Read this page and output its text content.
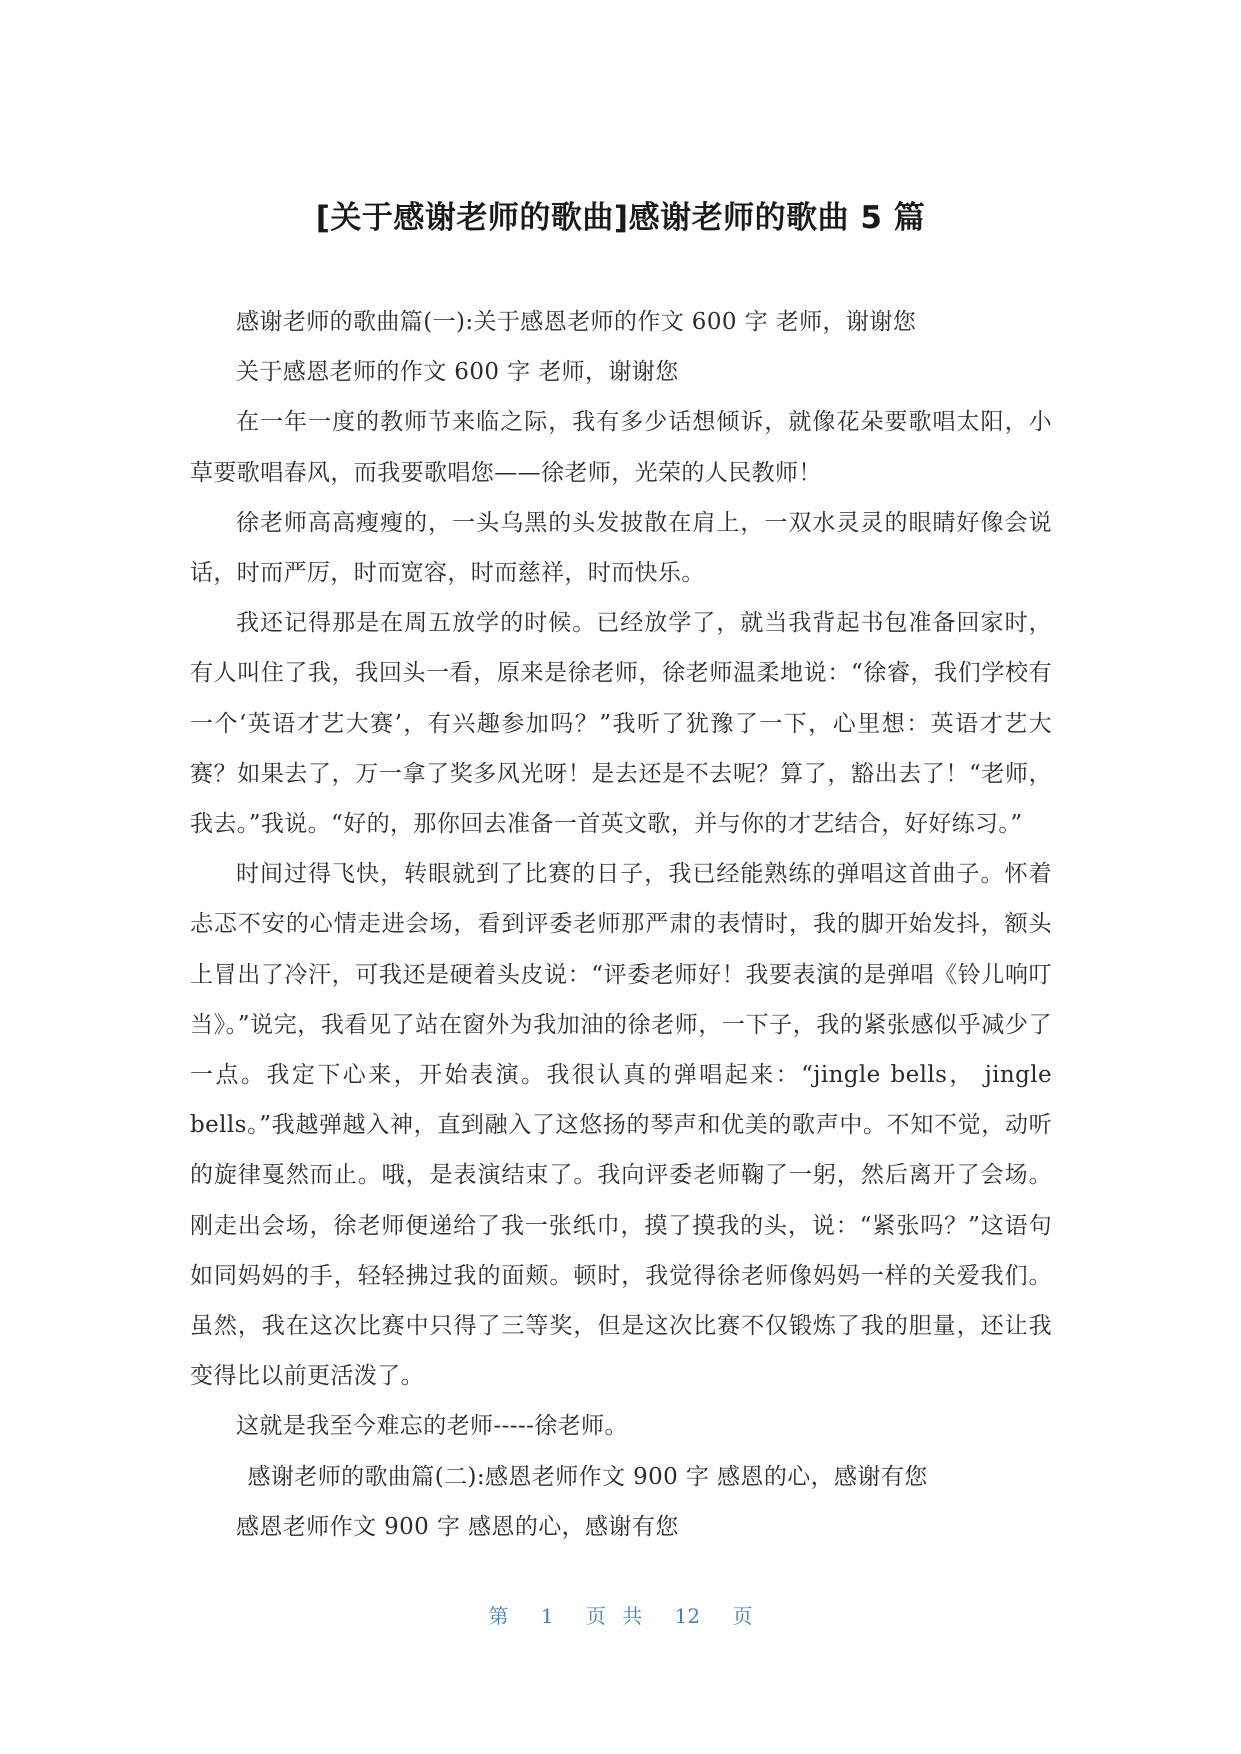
[关于感谢老师的歌曲]感谢老师的歌曲 5 篇

感谢老师的歌曲篇(一):关于感恩老师的作文 600 字 老师，谢谢您

关于感恩老师的作文 600 字 老师，谢谢您

在一年一度的教师节来临之际，我有多少话想倾诉，就像花朵要歌唱太阳，小草要歌唱春风，而我要歌唱您——徐老师，光荣的人民教师！

徐老师高高瘦瘦的，一头乌黑的头发披散在肩上，一双水灵灵的眼睛好像会说话，时而严厉，时而宽容，时而慈祥，时而快乐。

我还记得那是在周五放学的时候。已经放学了，就当我背起书包准备回家时，有人叫住了我，我回头一看，原来是徐老师，徐老师温柔地说：“徐睿，我们学校有一个‘英语才艺大赛’，有兴趣参加吗？”我听了犹豫了一下，心里想：英语才艺大赛？如果去了，万一拿了奖多风光呀！是去还是不去呢？算了，豁出去了！“老师，我去。”我说。“好的，那你回去准备一首英文歌，并与你的才艺结合，好好练习。”

时间过得飞快，转眼就到了比赛的日子，我已经能熟练的弹唱这首曲子。怀着忐忑不安的心情走进会场，看到评委老师那严肃的表情时，我的脚开始发抖，额头上冒出了冷汗，可我还是硬着头皮说：“评委老师好！我要表演的是弹唱《铃儿响叮当》。”说完，我看见了站在窗外为我加油的徐老师，一下子，我的紧张感似乎减少了一点。我定下心来，开始表演。我很认真的弹唱起来：“jingle bells， jingle bells。”我越弹越入神，直到融入了这悠扬的琴声和优美的歌声中。不知不觉，动听的旋律戛然而止。哦，是表演结束了。我向评委老师鞠了一躬，然后离开了会场。刚走出会场，徐老师便递给了我一张纸巾，摸了摸我的头，说：“紧张吗？”这语句如同妈妈的手，轻轻拂过我的面颊。顿时，我觉得徐老师像妈妈一样的关爱我们。虽然，我在这次比赛中只得了三等奖，但是这次比赛不仅锻炼了我的胆量，还让我变得比以前更活泼了。

这就是我至今难忘的老师-----徐老师。

感谢老师的歌曲篇(二):感恩老师作文 900 字 感恩的心，感谢有您

感恩老师作文 900 字 感恩的心，感谢有您

第 1 页 共 12 页
